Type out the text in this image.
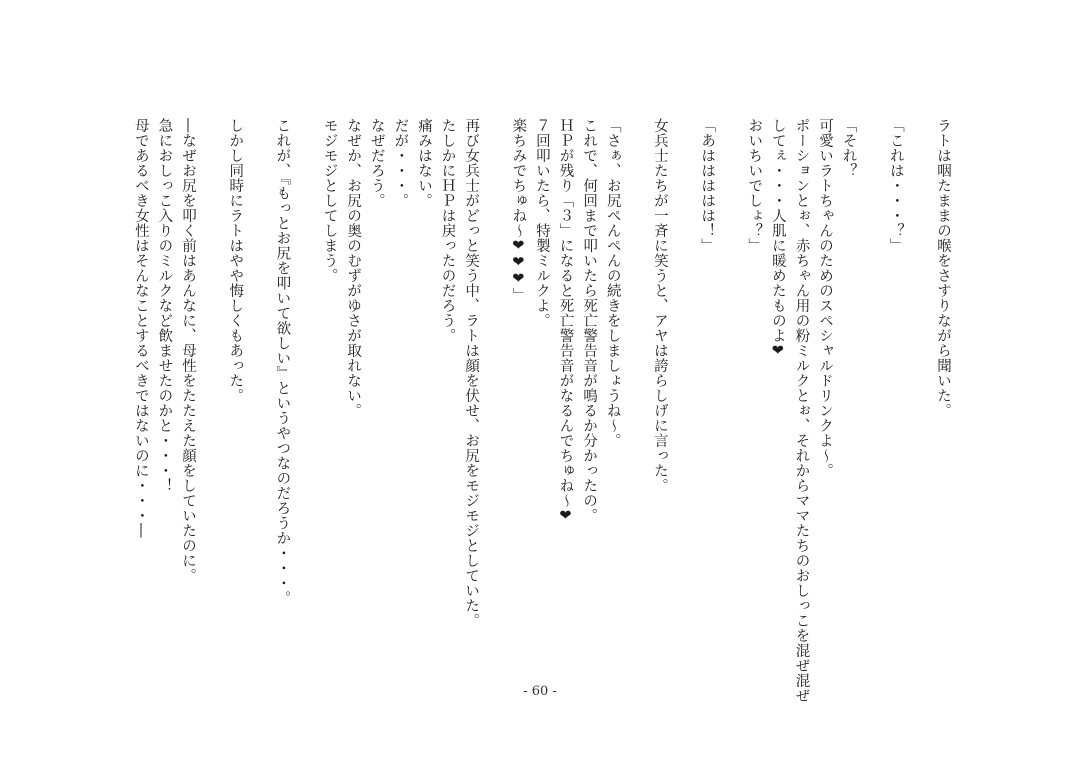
ラトは咽たままの喉をさすりながら聞いた。
「これは・・・？」
「それ？
可愛いラトちゃんのためのスペシャルドリンクよ～。
ポーションとぉ、赤ちゃん用の粉ミルクとぉ、それからママたちのおしっこを混ぜ混ぜ
してぇ・・・人肌に暖めたものよ❤
おいちいでしょ？」
「あははははは！」
女兵士たちが一斉に笑うと、アヤは誇らしげに言った。
「さぁ、お尻ぺんぺんの続きをしましょうね～。
これで、何回まで叩いたら死亡警告音が鳴るか分かったの。
ＨＰが残り「３」になると死亡警告音がなるんでちゅね～❤
７回叩いたら、特製ミルクよ。
楽ちみでちゅね～❤❤❤」
再び女兵士がどっと笑う中、ラトは顔を伏せ、お尻をモジモジとしていた。
たしかにＨＰは戻ったのだろう。
痛みはない。
だが・・・。
なぜだろう。
なぜか、お尻の奥のむずがゆさが取れない。
モジモジとしてしまう。
これが、『もっとお尻を叩いて欲しい』というやつなのだろうか・・・。
しかし同時にラトはやや悔しくもあった。
―なぜお尻を叩く前はあんなに、母性をたたえた顔をしていたのに。
急におしっこ入りのミルクなど飲ませたのかと・・・！
母であるべき女性はそんなことするべきではないのに・・・―
- 60 -
